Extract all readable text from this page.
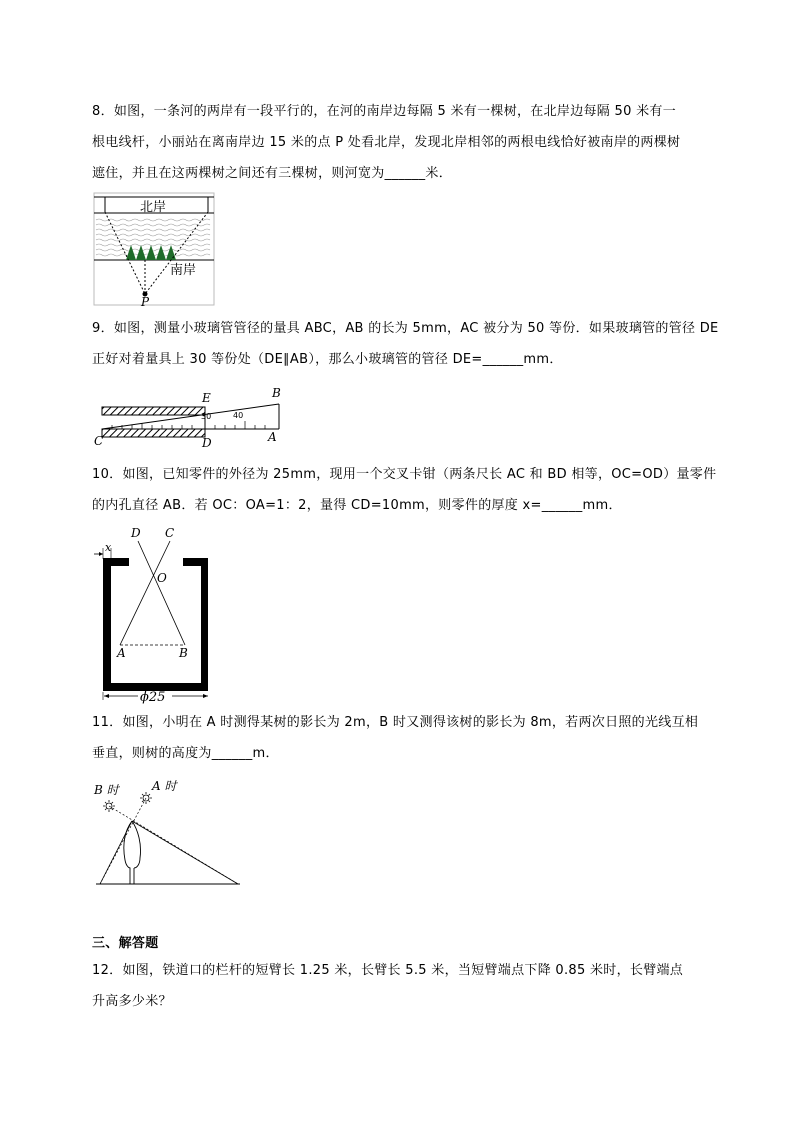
8．如图，一条河的两岸有一段平行的，在河的南岸边每隔 5 米有一棵树，在北岸边每隔 50 米有一
根电线杆，小丽站在离南岸边 15 米的点 P 处看北岸，发现北岸相邻的两根电线恰好被南岸的两棵树
遮住，并且在这两棵树之间还有三棵树，则河宽为______米．
北岸
南岸
P
9．如图，测量小玻璃管管径的量具 ABC，AB 的长为 5mm，AC 被分为 50 等份．如果玻璃管的管径 DE
正好对着量具上 30 等份处（DE∥AB），那么小玻璃管的管径 DE=______mm．
E	B
C	D	A
30	40
10．如图，已知零件的外径为 25mm，现用一个交叉卡钳（两条尺长 AC 和 BD 相等，OC=OD）量零件
的内孔直径 AB．若 OC：OA=1：2，量得 CD=10mm，则零件的厚度 x=______mm．
x
ϕ25
D C
O
A	B
11．如图，小明在 A 时测得某树的影长为 2m，B 时又测得该树的影长为 8m，若两次日照的光线互相
垂直，则树的高度为______m．
B 时	A 时
三、解答题
12．如图，铁道口的栏杆的短臂长 1.25 米，长臂长 5.5 米，当短臂端点下降 0.85 米时，长臂端点
升高多少米？
